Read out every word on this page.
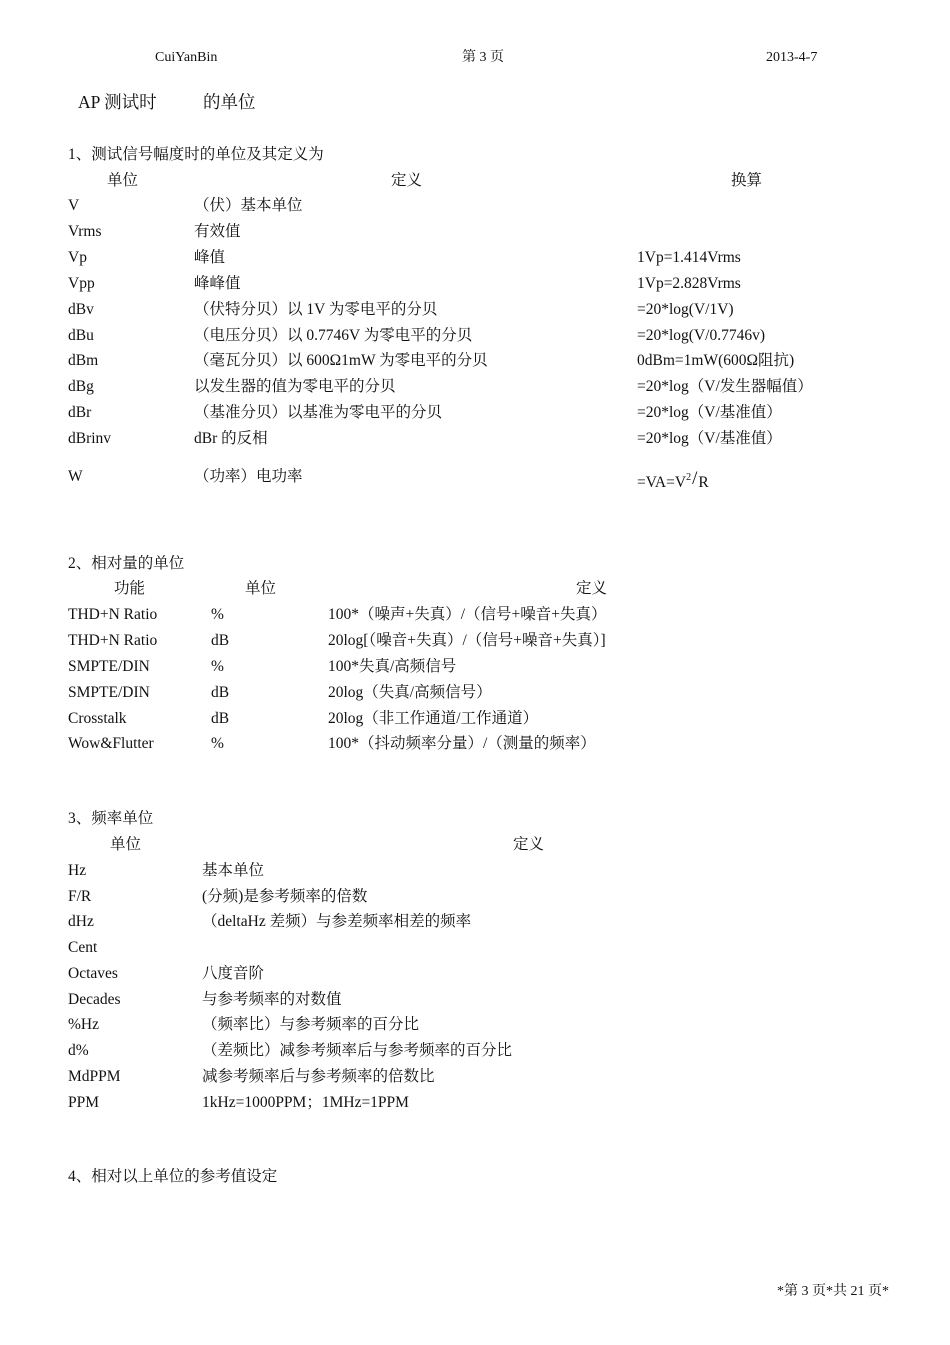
CuiYanBin	第 3 页	2013-4-7
AP 测试时	的单位
1、测试信号幅度时的单位及其定义为
单位	定义	换算
V	（伏）基本单位
Vrms	有效值
Vp	峰值	1Vp=1.414Vrms
Vpp	峰峰值	1Vp=2.828Vrms
dBv	（伏特分贝）以 1V 为零电平的分贝	=20*log(V/1V)
dBu	（电压分贝）以 0.7746V 为零电平的分贝	=20*log(V/0.7746v)
dBm	（毫瓦分贝）以 600Ω1mW 为零电平的分贝	0dBm=1mW(600Ω阻抗)
dBg	以发生器的值为零电平的分贝	=20*log（V/发生器幅值）
dBr	（基准分贝）以基准为零电平的分贝	=20*log（V/基准值）
dBrinv	dBr 的反相	=20*log（V/基准值）
W	（功率）电功率	$=VA=V^2/R$
2、相对量的单位
功能	单位	定义
THD+N Ratio	%	100*（噪声+失真）/（信号+噪音+失真）
THD+N Ratio	dB	20log[（噪音+失真）/（信号+噪音+失真）]
SMPTE/DIN	%	100*失真/高频信号
SMPTE/DIN	dB	20log（失真/高频信号）
Crosstalk	dB	20log（非工作通道/工作通道）
Wow&Flutter	%	100*（抖动频率分量）/（测量的频率）
3、频率单位
单位	定义
Hz	基本单位
F/R	(分频)是参考频率的倍数
dHz	（deltaHz 差频）与参差频率相差的频率
Cent
Octaves	八度音阶
Decades	与参考频率的对数值
%Hz	（频率比）与参考频率的百分比
d%	（差频比）减参考频率后与参考频率的百分比
MdPPM	减参考频率后与参考频率的倍数比
PPM	1kHz=1000PPM；1MHz=1PPM
4、相对以上单位的参考值设定
*第 3 页*共 21 页*
